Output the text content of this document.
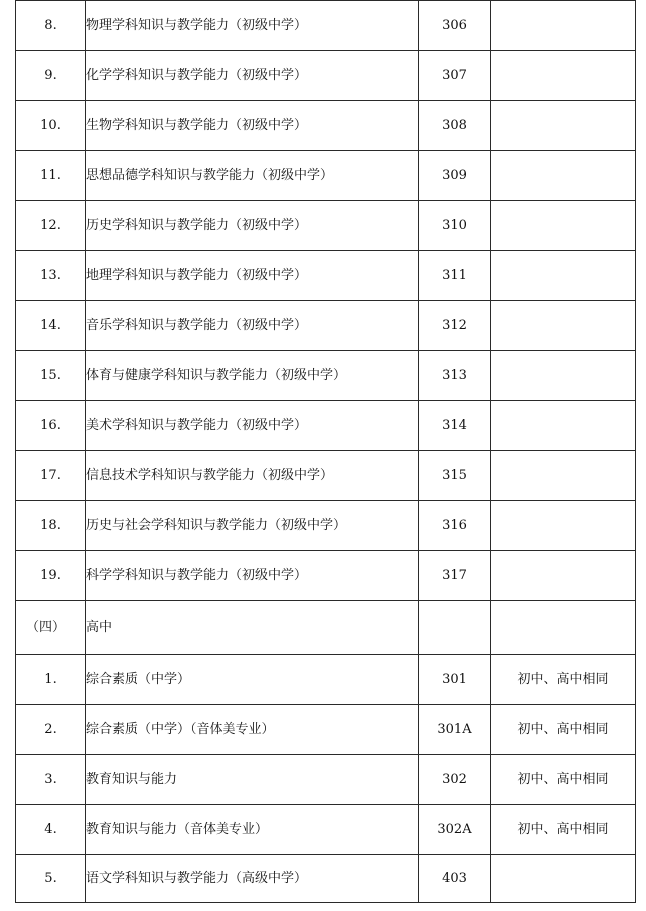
8.	物理学科知识与教学能力（初级中学）	306	
9.	化学学科知识与教学能力（初级中学）	307	
10.	生物学科知识与教学能力（初级中学）	308	
11.	思想品德学科知识与教学能力（初级中学）	309	
12.	历史学科知识与教学能力（初级中学）	310	
13.	地理学科知识与教学能力（初级中学）	311	
14.	音乐学科知识与教学能力（初级中学）	312	
15.	体育与健康学科知识与教学能力（初级中学）	313	
16.	美术学科知识与教学能力（初级中学）	314	
17.	信息技术学科知识与教学能力（初级中学）	315	
18.	历史与社会学科知识与教学能力（初级中学）	316	
19.	科学学科知识与教学能力（初级中学）	317	
（四）	高中		
1.	综合素质（中学）	301	初中、高中相同
2.	综合素质（中学）（音体美专业）	301A	初中、高中相同
3.	教育知识与能力	302	初中、高中相同
4.	教育知识与能力（音体美专业）	302A	初中、高中相同
5.	语文学科知识与教学能力（高级中学）	403	
